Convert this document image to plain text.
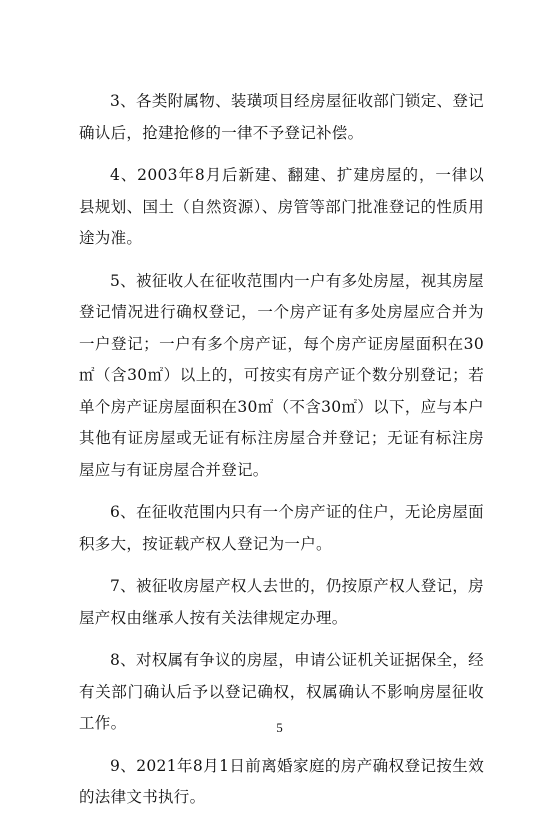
3、各类附属物、装璜项目经房屋征收部门锁定、登记确认后，抢建抢修的一律不予登记补偿。

4、2003年8月后新建、翻建、扩建房屋的，一律以县规划、国土（自然资源）、房管等部门批准登记的性质用途为准。

5、被征收人在征收范围内一户有多处房屋，视其房屋登记情况进行确权登记，一个房产证有多处房屋应合并为一户登记；一户有多个房产证，每个房产证房屋面积在30㎡（含30㎡）以上的，可按实有房产证个数分别登记；若单个房产证房屋面积在30㎡（不含30㎡）以下，应与本户其他有证房屋或无证有标注房屋合并登记；无证有标注房屋应与有证房屋合并登记。

6、在征收范围内只有一个房产证的住户，无论房屋面积多大，按证载产权人登记为一户。

7、被征收房屋产权人去世的，仍按原产权人登记，房屋产权由继承人按有关法律规定办理。

8、对权属有争议的房屋，申请公证机关证据保全，经有关部门确认后予以登记确权，权属确认不影响房屋征收工作。

9、2021年8月1日前离婚家庭的房产确权登记按生效的法律文书执行。

5
